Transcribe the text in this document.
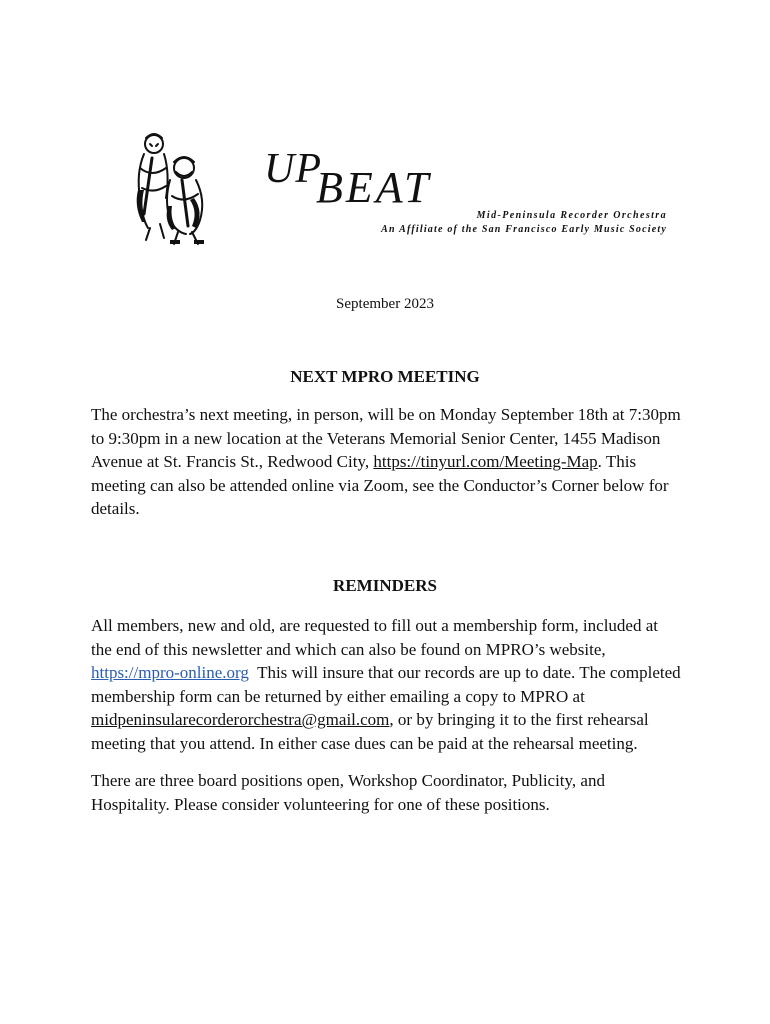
UP
BEAT
Mid-Peninsula Recorder Orchestra
An Affiliate of the San Francisco Early Music Society
September 2023
NEXT MPRO MEETING

The orchestra’s next meeting, in person, will be on Monday September 18th at 7:30pm to 9:30pm in a new location at the Veterans Memorial Senior Center, 1455 Madison Avenue at St. Francis St., Redwood City, https://tinyurl.com/Meeting-Map. This meeting can also be attended online via Zoom, see the Conductor’s Corner below for details.

REMINDERS

All members, new and old, are requested to fill out a membership form, included at the end of this newsletter and which can also be found on MPRO’s website, https://mpro-online.org  This will insure that our records are up to date. The completed membership form can be returned by either emailing a copy to MPRO at midpeninsularecorderorchestra@gmail.com, or by bringing it to the first rehearsal meeting that you attend. In either case dues can be paid at the rehearsal meeting.

There are three board positions open, Workshop Coordinator, Publicity, and Hospitality. Please consider volunteering for one of these positions.
